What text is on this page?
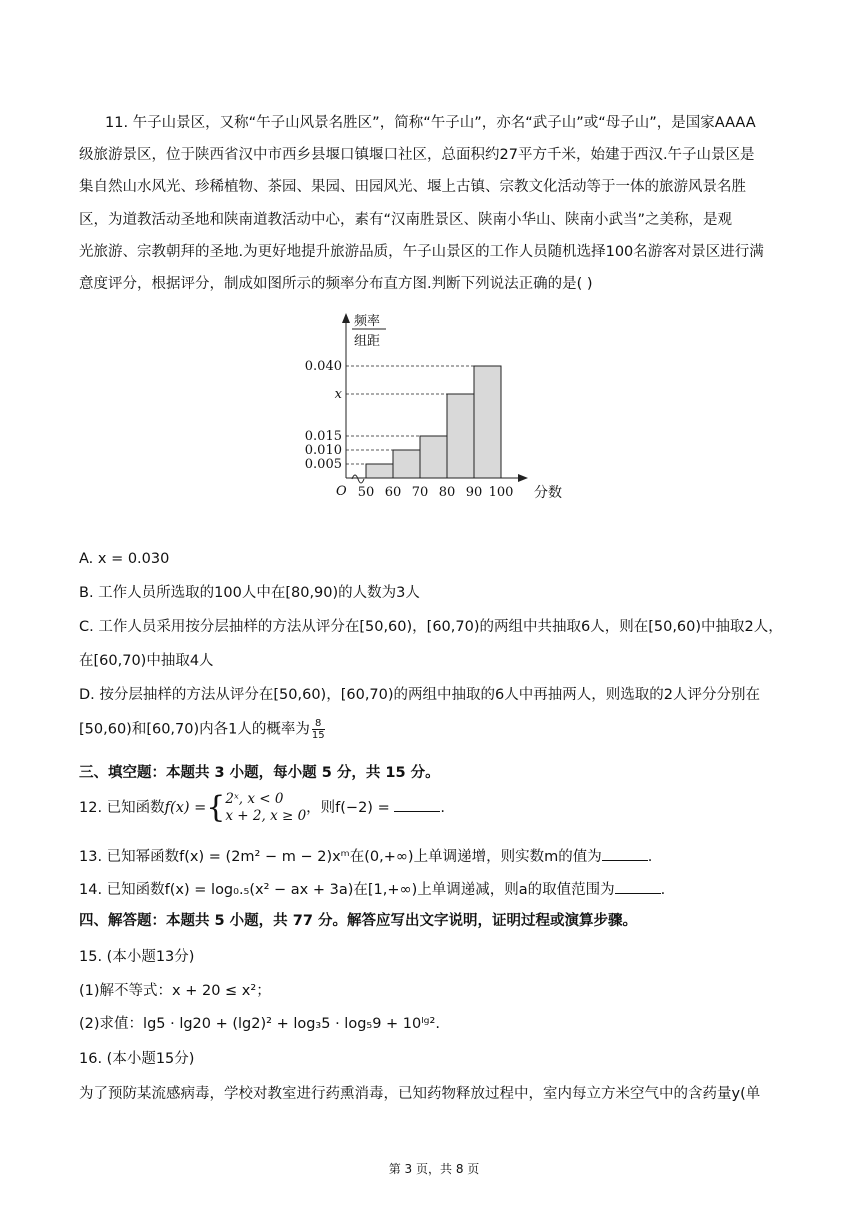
11. 午子山景区，又称“午子山风景名胜区”，简称“午子山”，亦名“武子山”或“母子山”，是国家AAAA
级旅游景区，位于陕西省汉中市西乡县堰口镇堰口社区，总面积约27平方千米，始建于西汉.午子山景区是
集自然山水风光、珍稀植物、茶园、果园、田园风光、堰上古镇、宗教文化活动等于一体的旅游风景名胜
区，为道教活动圣地和陕南道教活动中心，素有“汉南胜景区、陕南小华山、陕南小武当”之美称，是观
光旅游、宗教朝拜的圣地.为更好地提升旅游品质，午子山景区的工作人员随机选择100名游客对景区进行满
意度评分，根据评分，制成如图所示的频率分布直方图.判断下列说法正确的是( )
0.005
0.010
0.015
x
0.040
50 60 70 80 90 100
O	分数
频率
组距
A. x = 0.030
B. 工作人员所选取的100人中在[80,90)的人数为3人
C. 工作人员采用按分层抽样的方法从评分在[50,60)，[60,70)的两组中共抽取6人，则在[50,60)中抽取2人，
在[60,70)中抽取4人
D. 按分层抽样的方法从评分在[50,60)，[60,70)的两组中抽取的6人中再抽两人，则选取的2人评分分别在
[50,60)和[60,70)内各1人的概率为 $\frac{8}{15}$
三、填空题：本题共 3 小题，每小题 5 分，共 15 分。
12. 已知函数f(x) ={ 2ˣ, x < 0
x + 2, x ≥ 0 ，则f(−2) =	.
13. 已知幂函数f(x) = (2m² − m − 2)xᵐ在(0,+∞)上单调递增，则实数m的值为	.
14. 已知函数f(x) = log₀.₅(x² − ax + 3a)在[1,+∞)上单调递减，则a的取值范围为	.
四、解答题：本题共 5 小题，共 77 分。解答应写出文字说明，证明过程或演算步骤。
15. (本小题13分)
(1)解不等式：x + 20 ≤ x²；
(2)求值：lg5 · lg20 + (lg2)² + log₃5 · log₅9 + 10ˡᵍ².
16. (本小题15分)
为了预防某流感病毒，学校对教室进行药熏消毒，已知药物释放过程中，室内每立方米空气中的含药量y(单
第 3 页，共 8 页
